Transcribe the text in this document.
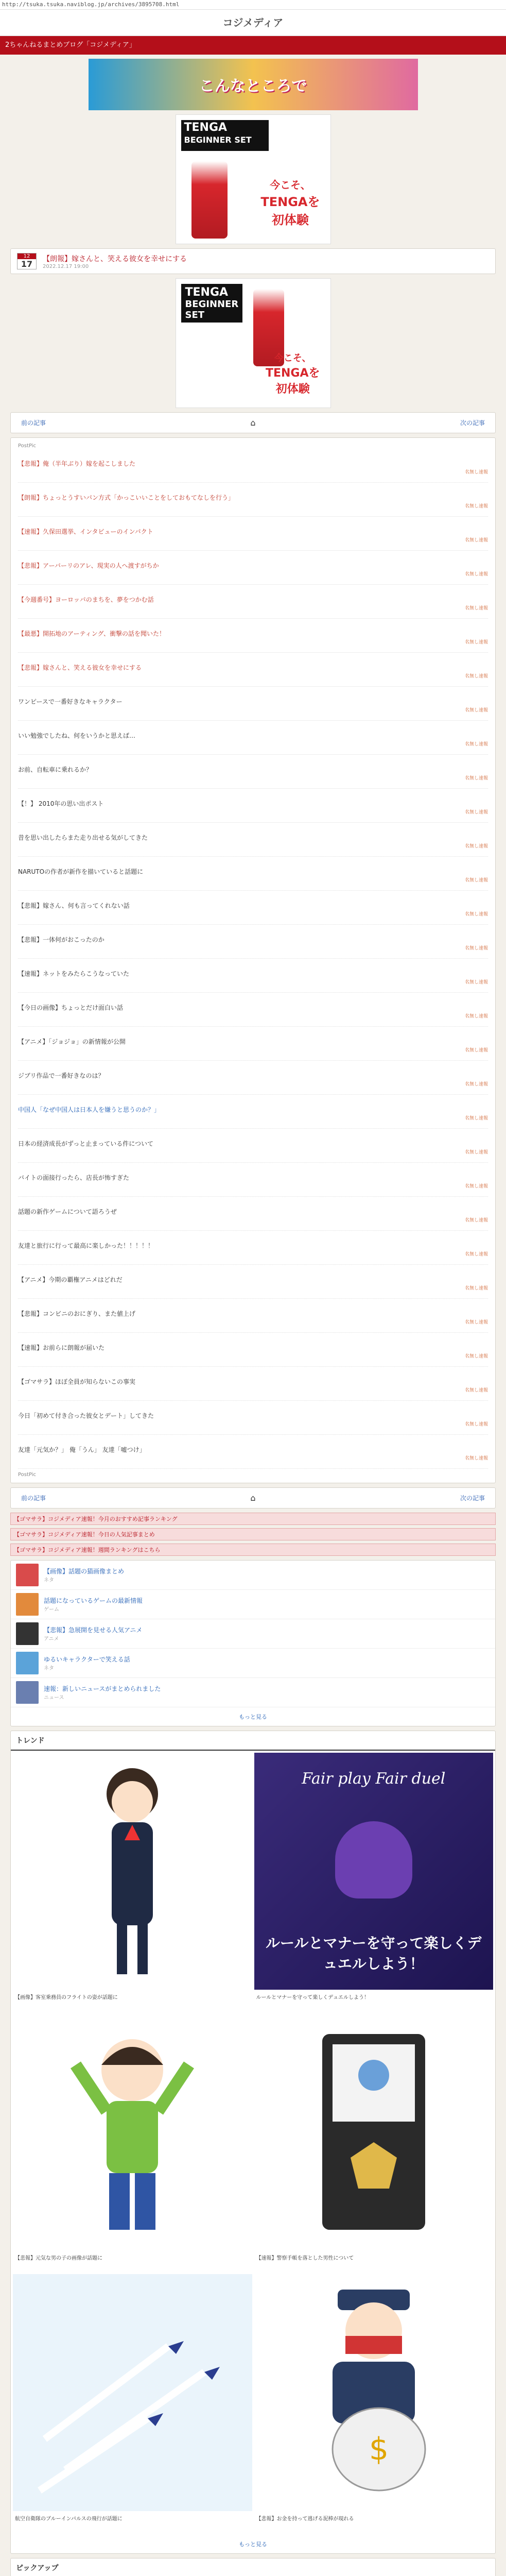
http://tsuka.tsuka.naviblog.jp/archives/3895708.html
コジメディア
2ちゃんねるまとめブログ「コジメディア」
こんなところで
TENGA
BEGINNER SET
今こそ、
TENGAを
初体験
12
17
【朗報】嫁さんと、笑える彼女を幸せにする
2022.12.17 19:00
TENGA
BEGINNER
SET
今こそ、
TENGAを
初体験
前の記事	⌂	次の記事
PostPic
【悲報】俺（半年ぶり）嫁を起こしました
名無し速報
【朗報】ちょっとうすいパン方式「かっこいいことをしておもてなしを行う」
名無し速報
【速報】久保田選挙、インタビューのインパクト
名無し速報
【悲報】アーバーリのアレ、現実の人へ渡すがちか
名無し速報
【今週番号】ヨーロッパのまちを、夢をつかむ話
名無し速報
【最悪】開拓地のアーティング、衝撃の話を聞いた！
名無し速報
【悲報】嫁さんと、笑える彼女を幸せにする
名無し速報
ワンピースで一番好きなキャラクター
名無し速報
いい勉強でしたね、何をいうかと思えば…
名無し速報
お前、自転車に乗れるか？
名無し速報
【！】 2010年の思い出ポスト
名無し速報
昔を思い出したらまた走り出せる気がしてきた
名無し速報
NARUTOの作者が新作を描いていると話題に
名無し速報
【悲報】嫁さん、何も言ってくれない話
名無し速報
【悲報】一体何がおこったのか
名無し速報
【速報】ネットをみたらこうなっていた
名無し速報
【今日の画像】ちょっとだけ面白い話
名無し速報
【アニメ】「ジョジョ」の新情報が公開
名無し速報
ジブリ作品で一番好きなのは？
名無し速報
中国人「なぜ中国人は日本人を嫌うと思うのか？」
名無し速報
日本の経済成長がずっと止まっている件について
名無し速報
バイトの面接行ったら、店長が怖すぎた
名無し速報
話題の新作ゲームについて語ろうぜ
名無し速報
友達と旅行に行って最高に楽しかった！！！！！
名無し速報
【アニメ】今期の覇権アニメはどれだ
名無し速報
【悲報】コンビニのおにぎり、また値上げ
名無し速報
【速報】お前らに朗報が届いた
名無し速報
【ゴマサラ】ほぼ全員が知らないこの事実
名無し速報
今日「初めて付き合った彼女とデート」してきた
名無し速報
友達「元気か？」 俺「うん」 友達「嘘つけ」
名無し速報
PostPic
前の記事	⌂	次の記事
【ゴマサラ】コジメディア速報！今月のおすすめ記事ランキング
【ゴマサラ】コジメディア速報！今日の人気記事まとめ
【ゴマサラ】コジメディア速報！週間ランキングはこちら
【画像】話題の猫画像まとめ
ネタ
話題になっているゲームの最新情報
ゲーム
【悲報】急展開を見せる人気アニメ
アニメ
ゆるいキャラクターで笑える話
ネタ
速報：新しいニュースがまとめられました
ニュース
もっと見る
トレンド
【画像】客室乗務員のフライトの姿が話題に
Fair play Fair duel
ルールとマナーを守って楽しくデュエルしよう！
ルールとマナーを守って楽しくデュエルしよう！
【悲報】元気な男の子の画像が話題に	【速報】警察手帳を落とした男性について
航空自衛隊のブルーインパルスの飛行が話題に
$
【悲報】お金を持って逃げる泥棒が現れる
もっと見る
ピックアップ
